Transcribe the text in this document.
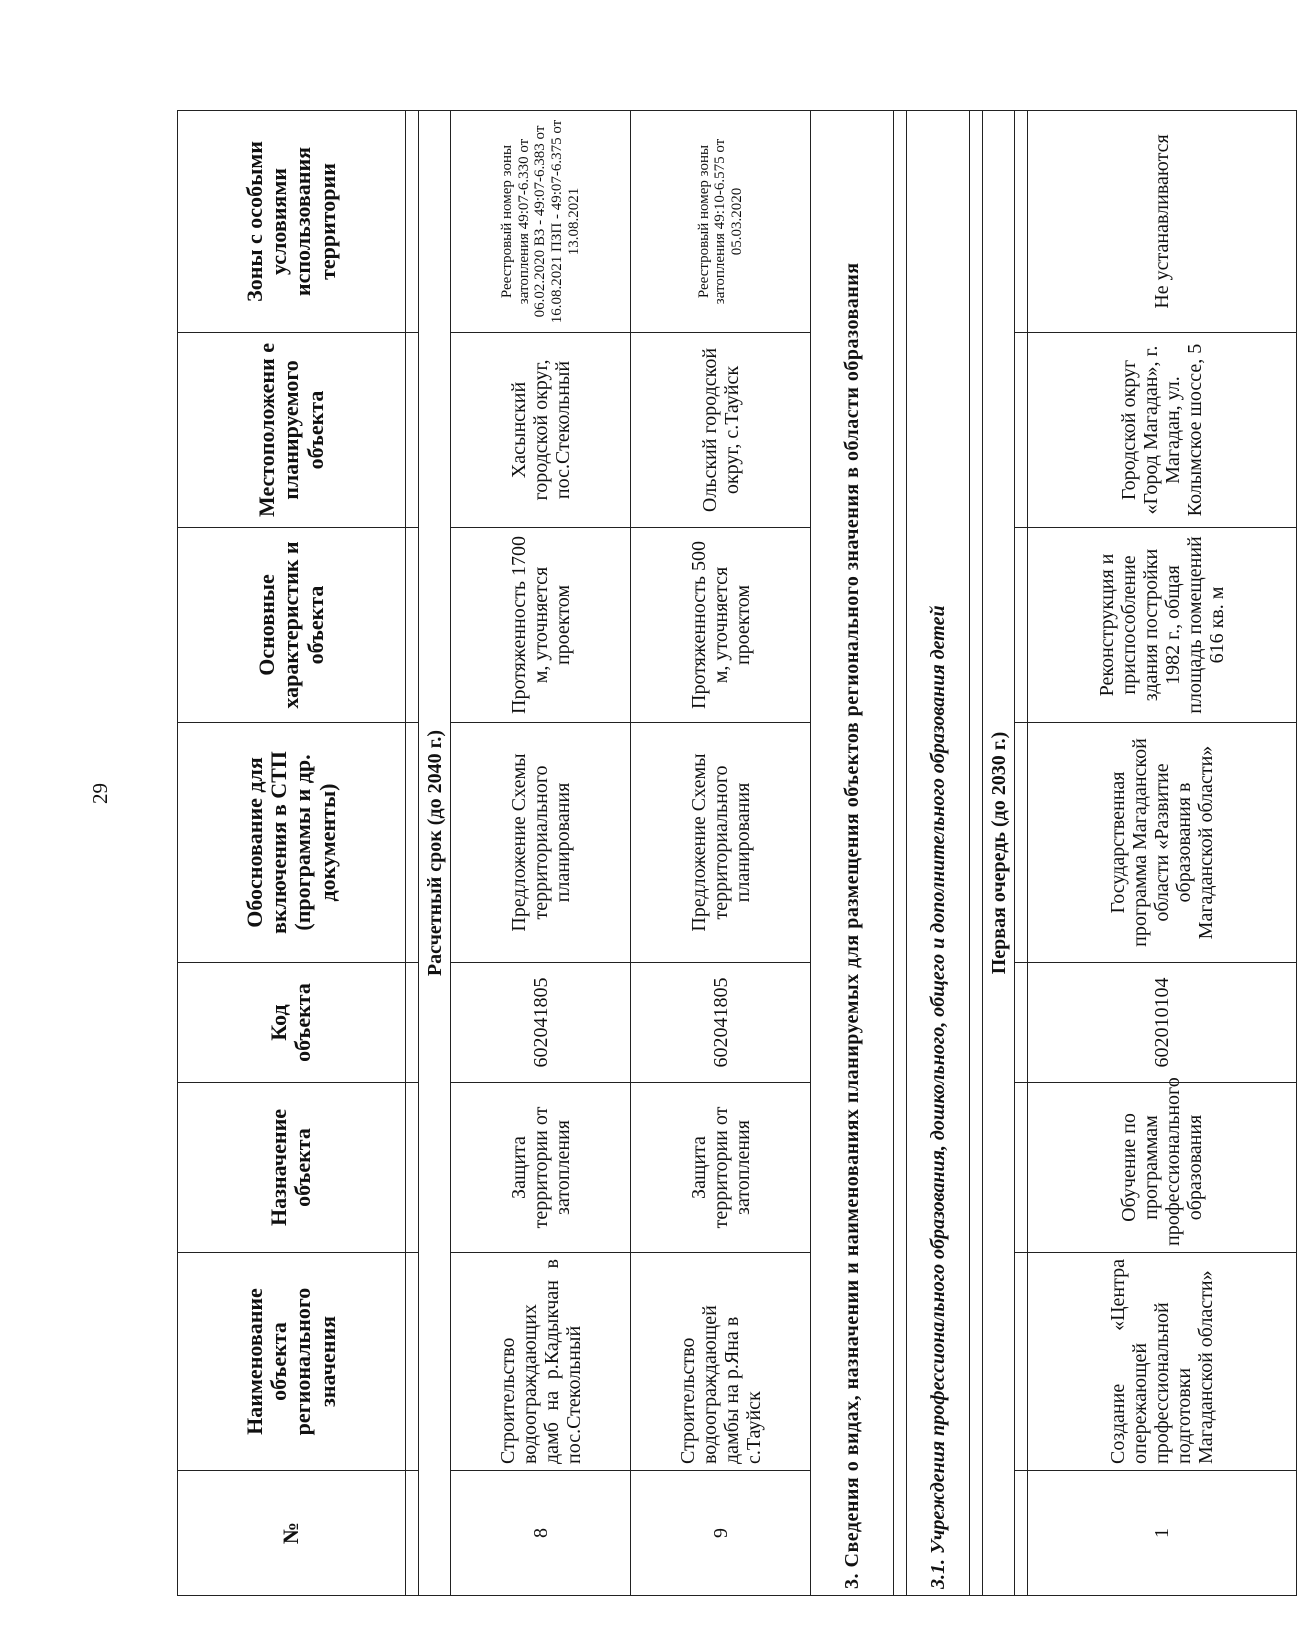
29
№	Наименование объекта регионального значения	Назначение объекта	Код объекта	Обоснование для включения в СТП (программы и др. документы)	Основные характеристик и объекта	Местоположени е планируемого объекта	Зоны с особыми условиями использования территории

Расчетный срок (до 2040 г.)							
8	Строительство водоограждающих дамб на р.Кадыкчан в пос.Стекольный	Защита территории от затопления	602041805	Предложение Схемы территориального планирования	Протяженность 1700 м, уточняется проектом	Хасынский городской округ, пос.Стекольный	Реестровый номер зоны затопления 49:07-6.330 от 06.02.2020 ВЗ - 49:07-6.383 от 16.08.2021 ПЗП - 49:07-6.375 от 13.08.2021
9	Строительство водоограждающей дамбы на р.Яна в с.Тауйск	Защита территории от затопления	602041805	Предложение Схемы территориального планирования	Протяженность 500 м, уточняется проектом	Ольский городской округ, с.Тауйск	Реестровый номер зоны затопления 49:10-6.575 от 05.03.2020
3. Сведения о видах, назначении и наименованиях планируемых для размещения объектов регионального значения в области образования							

3.1. Учреждения профессионального образования, дошкольного, общего и дополнительного образования детей							

Первая очередь (до 2030 г.)							

1	Создание «Центра опережающей профессиональной подготовки Магаданской области»	Обучение по программам профессионального образования	602010104	Государственная программа Магаданской области «Развитие образования в Магаданской области»	Реконструкция и приспособление здания постройки 1982 г., общая площадь помещений 616 кв. м	Городской округ «Город Магадан», г. Магадан, ул. Колымское шоссе, 5	Не устанавливаются
